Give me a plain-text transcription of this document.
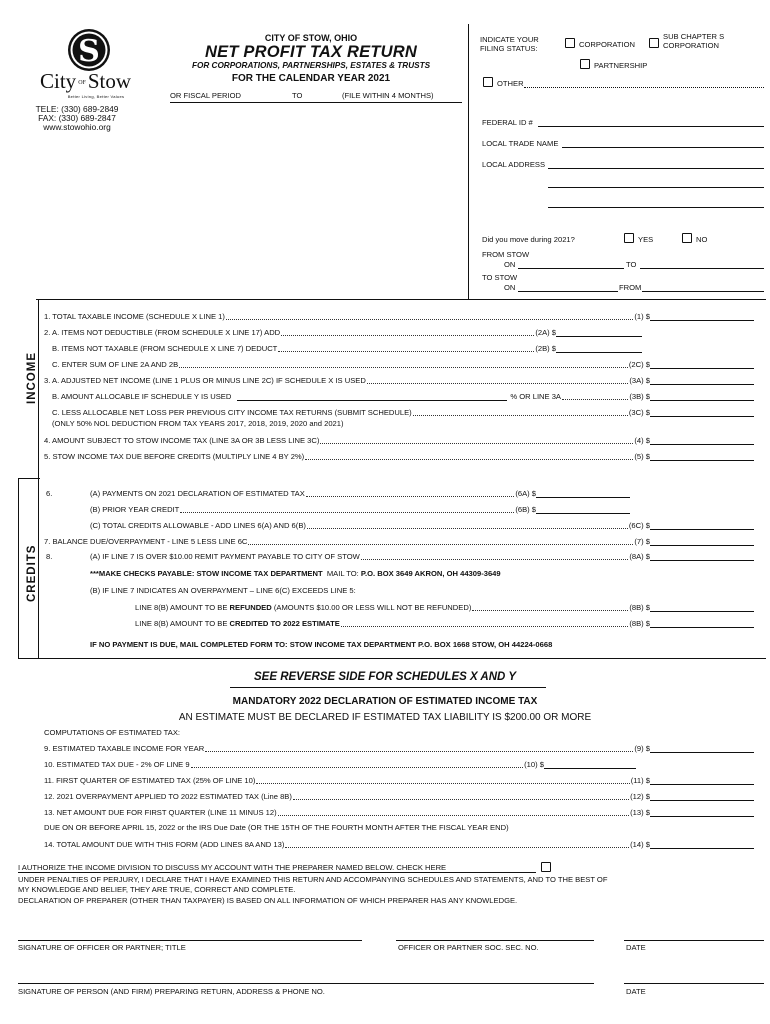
S
City OFStow
Better Living, Better Values
TELE: (330) 689-2849
FAX: (330) 689-2847
www.stowohio.org
CITY OF STOW, OHIO
NET PROFIT TAX RETURN
FOR CORPORATIONS, PARTNERSHIPS, ESTATES & TRUSTS
FOR THE CALENDAR YEAR 2021
OR FISCAL PERIOD	TO	(FILE WITHIN 4 MONTHS)
INDICATE YOUR
FILING STATUS:	CORPORATION
SUB CHAPTER S
CORPORATION
PARTNERSHIP
OTHER
FEDERAL ID #
LOCAL TRADE NAME
LOCAL ADDRESS
Did you move during 2021?	YES	NO
FROM STOW
ON	TO
TO STOW
ON	FROM
INCOME
1. TOTAL TAXABLE INCOME (SCHEDULE X LINE 1)	(1) $
2. A. ITEMS NOT DEDUCTIBLE (FROM SCHEDULE X LINE 17) ADD	(2A) $
B. ITEMS NOT TAXABLE (FROM SCHEDULE X LINE 7) DEDUCT	(2B) $
C. ENTER SUM OF LINE 2A AND 2B	(2C) $
3. A. ADJUSTED NET INCOME (LINE 1 PLUS OR MINUS LINE 2C) IF SCHEDULE X IS USED	(3A) $
B. AMOUNT ALLOCABLE IF SCHEDULE Y IS USED	% OR LINE 3A	(3B) $
C. LESS ALLOCABLE NET LOSS PER PREVIOUS CITY INCOME TAX RETURNS (SUBMIT SCHEDULE)	(3C) $
(ONLY 50% NOL DEDUCTION FROM TAX YEARS 2017, 2018, 2019, 2020 and 2021)
4. AMOUNT SUBJECT TO STOW INCOME TAX (LINE 3A OR 3B LESS LINE 3C)	(4) $
5. STOW INCOME TAX DUE BEFORE CREDITS (MULTIPLY LINE 4 BY 2%)	(5) $
CREDITS
6.	(A) PAYMENTS ON 2021 DECLARATION OF ESTIMATED TAX	(6A) $
(B) PRIOR YEAR CREDIT	(6B) $
(C) TOTAL CREDITS ALLOWABLE - ADD LINES 6(A) AND 6(B)	(6C) $
7. BALANCE DUE/OVERPAYMENT - LINE 5 LESS LINE 6C	(7) $
8.	(A) IF LINE 7 IS OVER $10.00 REMIT PAYMENT PAYABLE TO CITY OF STOW	(8A) $
***MAKE CHECKS PAYABLE: STOW INCOME TAX DEPARTMENT MAIL TO: P.O. BOX 3649 AKRON, OH 44309-3649
(B) IF LINE 7 INDICATES AN OVERPAYMENT – LINE 6(C) EXCEEDS LINE 5:
LINE 8(B) AMOUNT TO BE
REFUNDED
(AMOUNTS $10.00 OR LESS WILL NOT BE REFUNDED)	(8B) $
LINE 8(B) AMOUNT TO BE
CREDITED TO 2022 ESTIMATE	(8B) $
IF NO PAYMENT IS DUE, MAIL COMPLETED FORM TO: STOW INCOME TAX DEPARTMENT P.O. BOX 1668 STOW, OH 44224-0668
SEE REVERSE SIDE FOR SCHEDULES X AND Y
MANDATORY 2022 DECLARATION OF ESTIMATED INCOME TAX
AN ESTIMATE MUST BE DECLARED IF ESTIMATED TAX LIABILITY IS $200.00 OR MORE
COMPUTATIONS OF ESTIMATED TAX:
9. ESTIMATED TAXABLE INCOME FOR YEAR	(9) $
10. ESTIMATED TAX DUE - 2% OF LINE 9	(10) $
11. FIRST QUARTER OF ESTIMATED TAX (25% OF LINE 10)	(11) $
12. 2021 OVERPAYMENT APPLIED TO 2022 ESTIMATED TAX (Line 8B)	(12) $
13. NET AMOUNT DUE FOR FIRST QUARTER (LINE 11 MINUS 12)	(13) $
DUE ON OR BEFORE APRIL 15, 2022 or the IRS Due Date (OR THE 15TH OF THE FOURTH MONTH AFTER THE FISCAL YEAR END)
14. TOTAL AMOUNT DUE WITH THIS FORM (ADD LINES 8A AND 13)	(14) $
I AUTHORIZE THE INCOME DIVISION TO DISCUSS MY ACCOUNT WITH THE PREPARER NAMED BELOW. CHECK HERE
UNDER PENALTIES OF PERJURY, I DECLARE THAT I HAVE EXAMINED THIS RETURN AND ACCOMPANYING SCHEDULES AND STATEMENTS, AND TO THE BEST OF
MY KNOWLEDGE AND BELIEF, THEY ARE TRUE, CORRECT AND COMPLETE.
DECLARATION OF PREPARER (OTHER THAN TAXPAYER) IS BASED ON ALL INFORMATION OF WHICH PREPARER HAS ANY KNOWLEDGE.
SIGNATURE OF OFFICER OR PARTNER; TITLE	OFFICER OR PARTNER SOC. SEC. NO.	DATE
SIGNATURE OF PERSON (AND FIRM) PREPARING RETURN, ADDRESS & PHONE NO.	DATE
